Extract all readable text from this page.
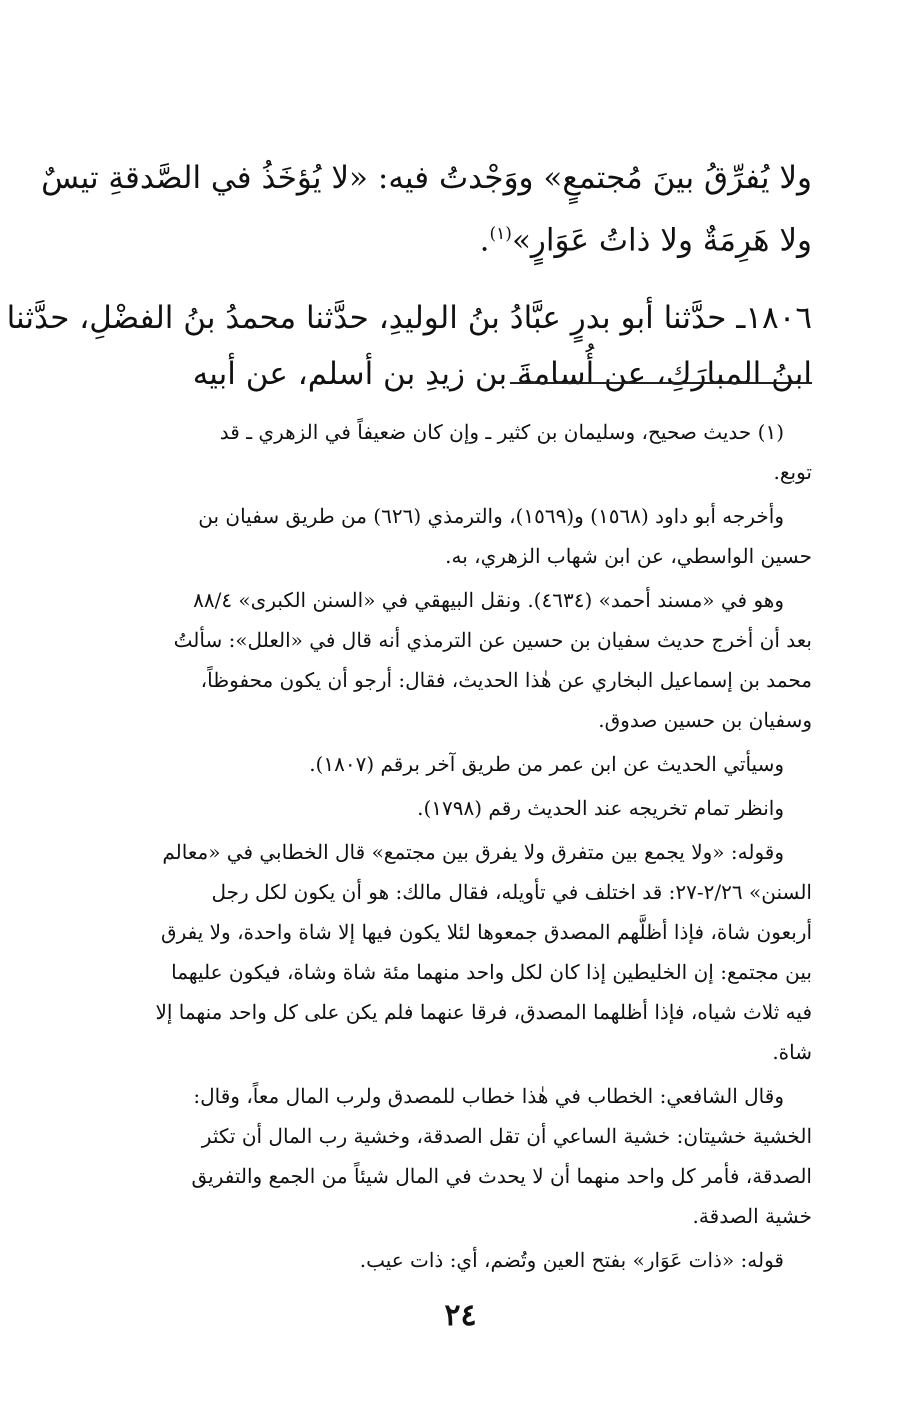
ولا يُفرِّقُ بينَ مُجتمعٍ» ووَجْدتُ فيه: «لا يُؤخَذُ في الصَّدقةِ تيسٌ
ولا هَرِمَةٌ ولا ذاتُ عَوَارٍ»$^{(١)}$.
١٨٠٦ـ حدَّثنا أبو بدرٍ عبَّادُ بنُ الوليدِ، حدَّثنا محمدُ بنُ الفضْلِ، حدَّثنا
ابنُ المبارَكِ، عن أُسامةَ بن زيدِ بن أسلم، عن أبيه
(١) حديث صحيح، وسليمان بن كثير ـ وإن كان ضعيفاً في الزهري ـ قد
توبع.
وأخرجه أبو داود (١٥٦٨) و(١٥٦٩)، والترمذي (٦٢٦) من طريق سفيان بن
حسين الواسطي، عن ابن شهاب الزهري، به.
وهو في «مسند أحمد» (٤٦٣٤). ونقل البيهقي في «السنن الكبرى» ٨٨/٤
بعد أن أخرج حديث سفيان بن حسين عن الترمذي أنه قال في «العلل»: سألتُ
محمد بن إسماعيل البخاري عن هٰذا الحديث، فقال: أرجو أن يكون محفوظاً،
وسفيان بن حسين صدوق.
وسيأتي الحديث عن ابن عمر من طريق آخر برقم (١٨٠٧).
وانظر تمام تخريجه عند الحديث رقم (١٧٩٨).
وقوله: «ولا يجمع بين متفرق ولا يفرق بين مجتمع» قال الخطابي في «معالم
السنن» ٢/٢٦-٢٧: قد اختلف في تأويله، فقال مالك: هو أن يكون لكل رجل
أربعون شاة، فإذا أظلَّهم المصدق جمعوها لئلا يكون فيها إلا شاة واحدة، ولا يفرق
بين مجتمع: إن الخليطين إذا كان لكل واحد منهما مئة شاة وشاة، فيكون عليهما
فيه ثلاث شياه، فإذا أظلهما المصدق، فرقا عنهما فلم يكن على كل واحد منهما إلا
شاة.
وقال الشافعي: الخطاب في هٰذا خطاب للمصدق ولرب المال معاً، وقال:
الخشية خشيتان: خشية الساعي أن تقل الصدقة، وخشية رب المال أن تكثر
الصدقة، فأمر كل واحد منهما أن لا يحدث في المال شيئاً من الجمع والتفريق
خشية الصدقة.
قوله: «ذات عَوَار» بفتح العين وتُضم، أي: ذات عيب.
٢٤
